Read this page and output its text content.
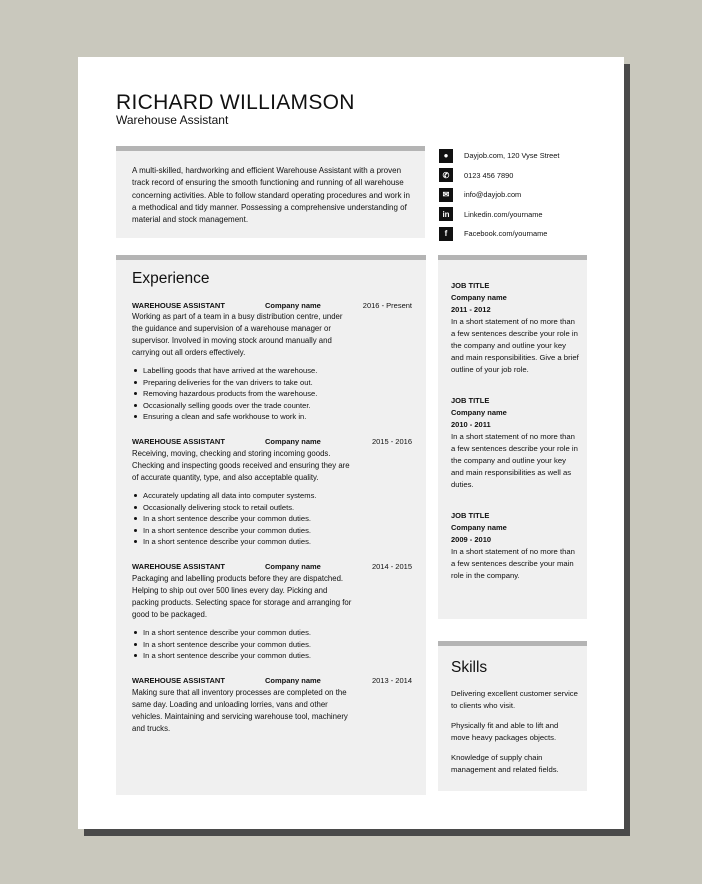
RICHARD WILLIAMSON
Warehouse Assistant
A multi-skilled, hardworking and efficient Warehouse Assistant with a proven track record of ensuring the smooth functioning and running of all warehouse concerning activities. Able to follow standard operating procedures and work in a methodical and tidy manner. Possessing a comprehensive understanding of material and stock management.
●	Dayjob.com, 120 Vyse Street
✆	0123 456 7890
✉	info@dayjob.com
in	Linkedin.com/yourname
f	Facebook.com/yourname
Experience
WAREHOUSE ASSISTANT	Company name	2016 - Present
Working as part of a team in a busy distribution centre, under the guidance and supervision of a warehouse manager or supervisor. Involved in moving stock around manually and carrying out all orders effectively.
Labelling goods that have arrived at the warehouse.
Preparing deliveries for the van drivers to take out.
Removing hazardous products from the warehouse.
Occasionally selling goods over the trade counter.
Ensuring a clean and safe workhouse to work in.
WAREHOUSE ASSISTANT	Company name	2015 - 2016
Receiving, moving, checking and storing incoming goods. Checking and inspecting goods received and ensuring they are of accurate quantity, type, and also acceptable quality.
Accurately updating all data into computer systems.
Occasionally delivering stock to retail outlets.
In a short sentence describe your common duties.
In a short sentence describe your common duties.
In a short sentence describe your common duties.
WAREHOUSE ASSISTANT	Company name	2014 - 2015
Packaging and labelling products before they are dispatched. Helping to ship out over 500 lines every day. Picking and packing products. Selecting space for storage and arranging for good to be packaged.
In a short sentence describe your common duties.
In a short sentence describe your common duties.
In a short sentence describe your common duties.
WAREHOUSE ASSISTANT	Company name	2013 - 2014
Making sure that all inventory processes are completed on the same day. Loading and unloading lorries, vans and other vehicles. Maintaining and servicing warehouse tool, machinery and trucks.
JOB TITLE
Company name
2011 - 2012
In a short statement of no more than a few sentences describe your role in the company and outline your key and main responsibilities. Give a brief outline of your job role.
JOB TITLE
Company name
2010 - 2011
In a short statement of no more than a few sentences describe your role in the company and outline your key and main responsibilities as well as duties.
JOB TITLE
Company name
2009 - 2010
In a short statement of no more than a few sentences describe your main role in the company.
Skills
Delivering excellent customer service to clients who visit.
Physically fit and able to lift and move heavy packages objects.
Knowledge of supply chain management and related fields.
